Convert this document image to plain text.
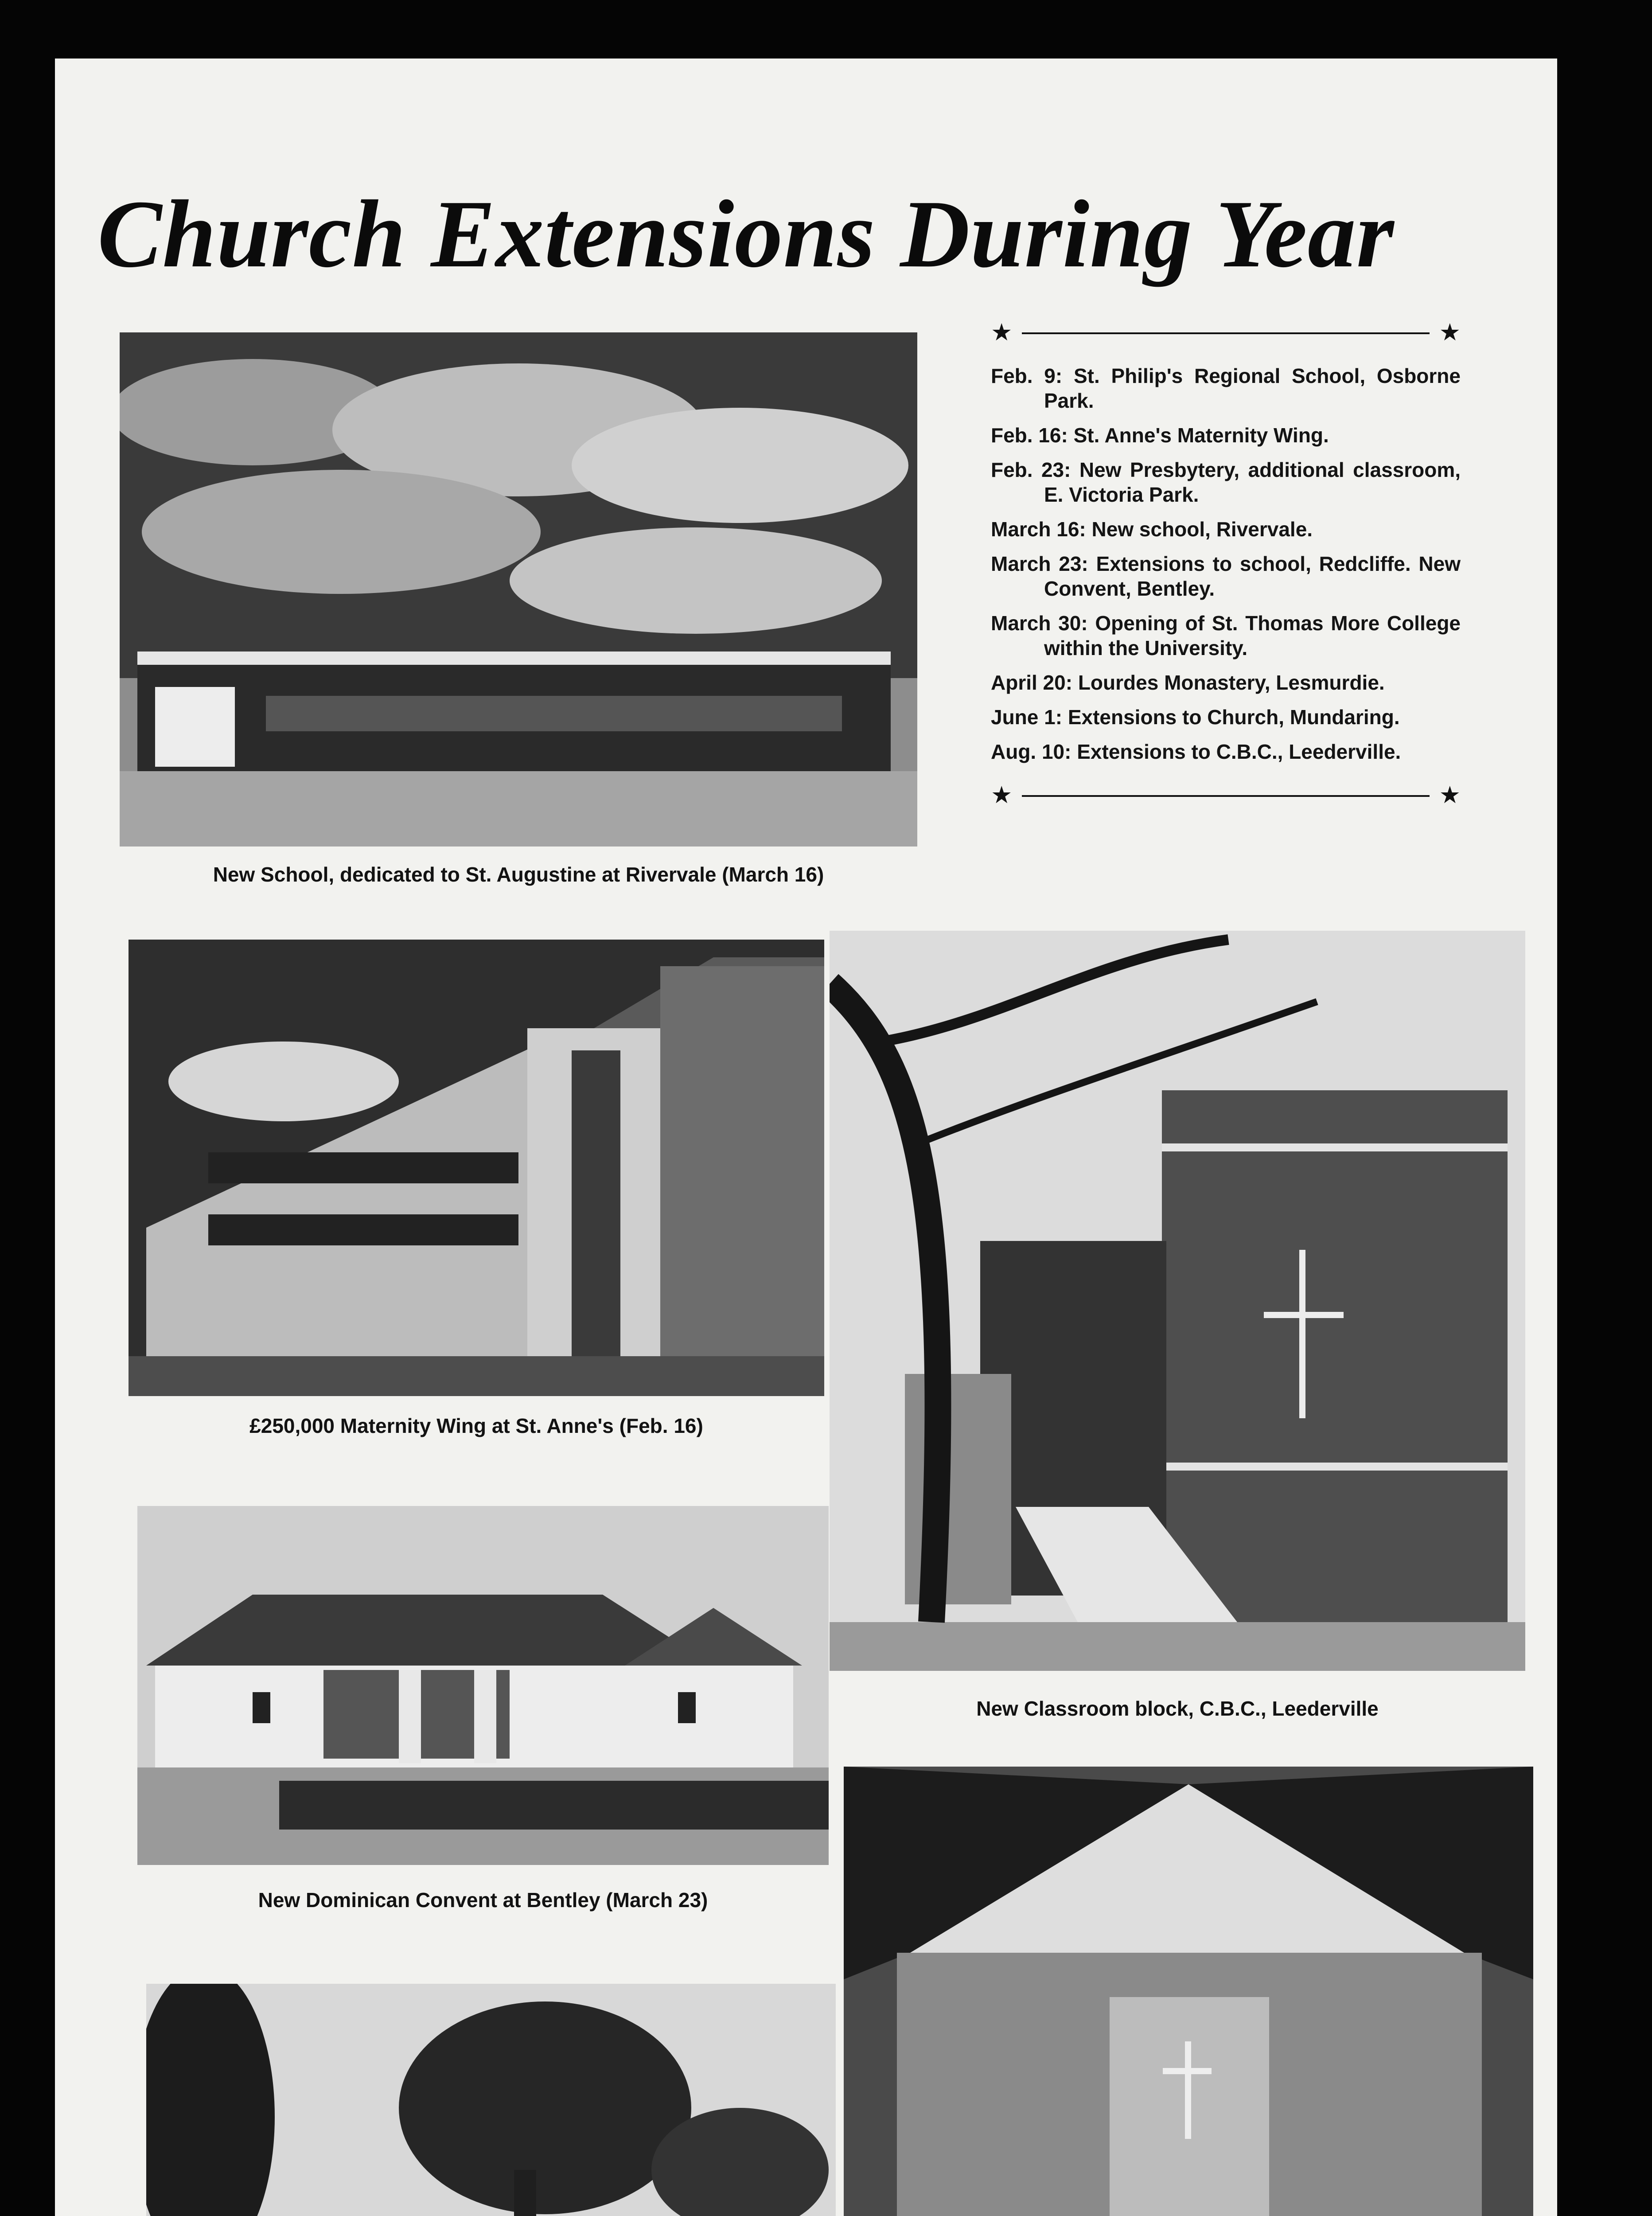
Church Extensions During Year
New School, dedicated to St. Augustine at Rivervale (March 16)
★	★
Feb. 9: St. Philip's Regional School, Osborne Park.
Feb. 16: St. Anne's Maternity Wing.
Feb. 23: New Presbytery, additional classroom, E. Victoria Park.
March 16: New school, Rivervale.
March 23: Extensions to school, Redcliffe. New Convent, Bentley.
March 30: Opening of St. Thomas More College within the University.
April 20: Lourdes Monastery, Lesmurdie.
June 1: Extensions to Church, Mundaring.
Aug. 10: Extensions to C.B.C., Leederville.
★	★
£250,000 Maternity Wing at St. Anne's (Feb. 16)
New Classroom block, C.B.C., Leederville
New Dominican Convent at Bentley (March 23)
